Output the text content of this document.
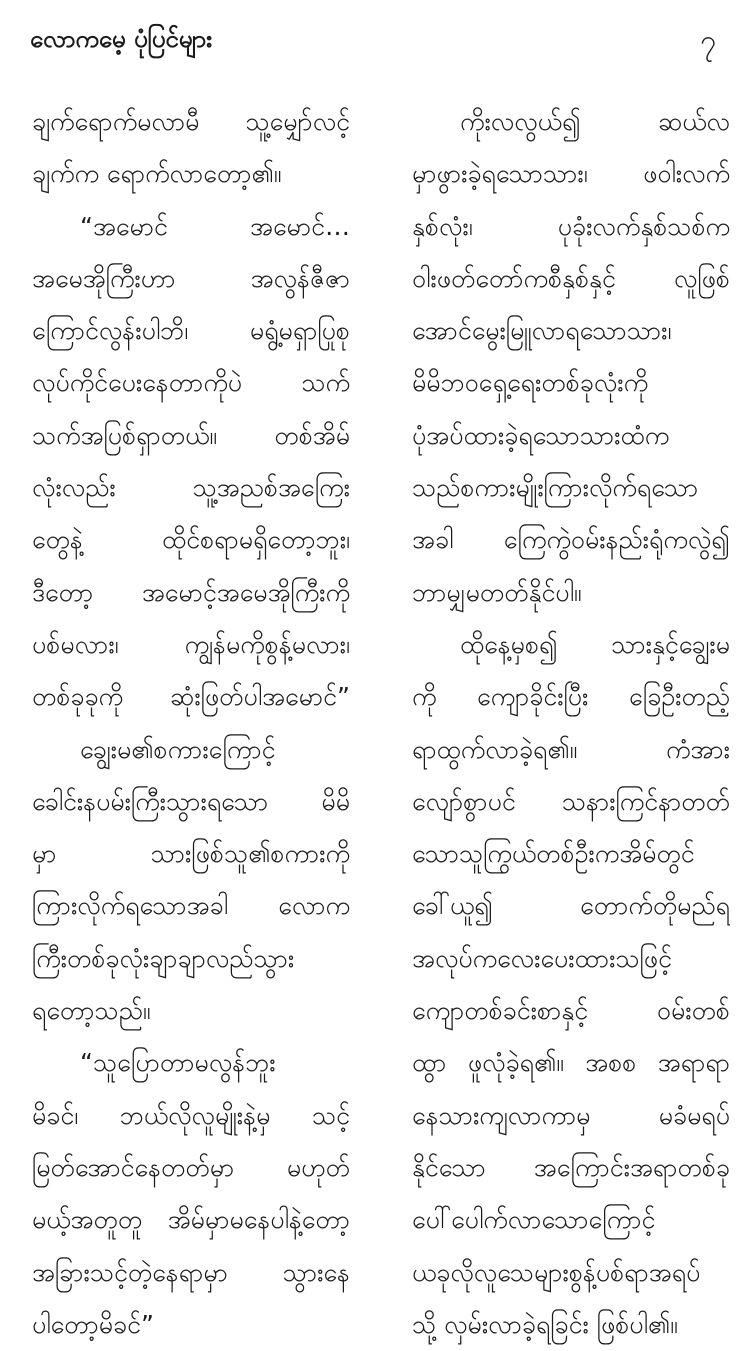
လောကမေ့ ပုံပြင်များ	၇
ချက်ရောက်မလာမီ သူ့မျှော်လင့်
ချက်က ရောက်လာတော့၏။
“အမောင် အမောင်…
အမေအိုကြီးဟာ အလွန်ဇီဇာ
ကြောင်လွန်းပါဘိ၊ မရွံ့မရှာပြုစု
လုပ်ကိုင်ပေးနေတာကိုပဲ သက်
သက်အပြစ်ရှာတယ်။ တစ်အိမ်
လုံးလည်း သူ့အညစ်အကြေး
တွေနဲ့ ထိုင်စရာမရှိတော့ဘူး၊
ဒီတော့ အမောင့်အမေအိုကြီးကို
ပစ်မလား၊ ကျွန်မကိုစွန့်မလား၊
တစ်ခုခုကို ဆုံးဖြတ်ပါအမောင်”
ချွေးမ၏စကားကြောင့်
ခေါင်းနပမ်းကြီးသွားရသော မိမိ
မှာ သားဖြစ်သူ၏စကားကို
ကြားလိုက်ရသောအခါ လောက
ကြီးတစ်ခုလုံးချာချာလည်သွား
ရတော့သည်။
“သူပြောတာမလွန်ဘူး
မိခင်၊ ဘယ်လိုလူမျိုးနဲ့မှ သင့်
မြတ်အောင်နေတတ်မှာ မဟုတ်
မယ့်အတူတူ အိမ်မှာမနေပါနဲ့တော့
အခြားသင့်တဲ့နေရာမှာ သွားနေ
ပါတော့မိခင်”
ကိုးလလွယ်၍ ဆယ်လ
မှာဖွားခဲ့ရသောသား၊ ဖဝါးလက်
နှစ်လုံး၊ ပုခုံးလက်နှစ်သစ်က
ဝါးဖတ်တော်ကစီနှစ်နှင့် လူဖြစ်
အောင်မွေးမြူလာရသောသား၊
မိမိဘဝရှေ့ရေးတစ်ခုလုံးကို
ပုံအပ်ထားခဲ့ရသောသားထံက
သည်စကားမျိုးကြားလိုက်ရသော
အခါ ကြေကွဲဝမ်းနည်းရုံကလွဲ၍
ဘာမျှမတတ်နိုင်ပါ။
ထိုနေ့မှစ၍ သားနှင့်ချွေးမ
ကို ကျောခိုင်းပြီး ခြေဦးတည့်
ရာထွက်လာခဲ့ရ၏။ ကံအား
လျော်စွာပင် သနားကြင်နာတတ်
သောသူကြွယ်တစ်ဦးကအိမ်တွင်
ခေါ်ယူ၍ တောက်တိုမည်ရ
အလုပ်ကလေးပေးထားသဖြင့်
ကျောတစ်ခင်းစာနှင့် ဝမ်းတစ်
ထွာ ဖူလုံခဲ့ရ၏။ အစစ အရာရာ
နေသားကျလာကာမှ မခံမရပ်
နိုင်သော အကြောင်းအရာတစ်ခု
ပေါ်ပေါက်လာသောကြောင့်
ယခုလိုလူသေများစွန့်ပစ်ရာအရပ်
သို့ လှမ်းလာခဲ့ရခြင်း ဖြစ်ပါ၏။
